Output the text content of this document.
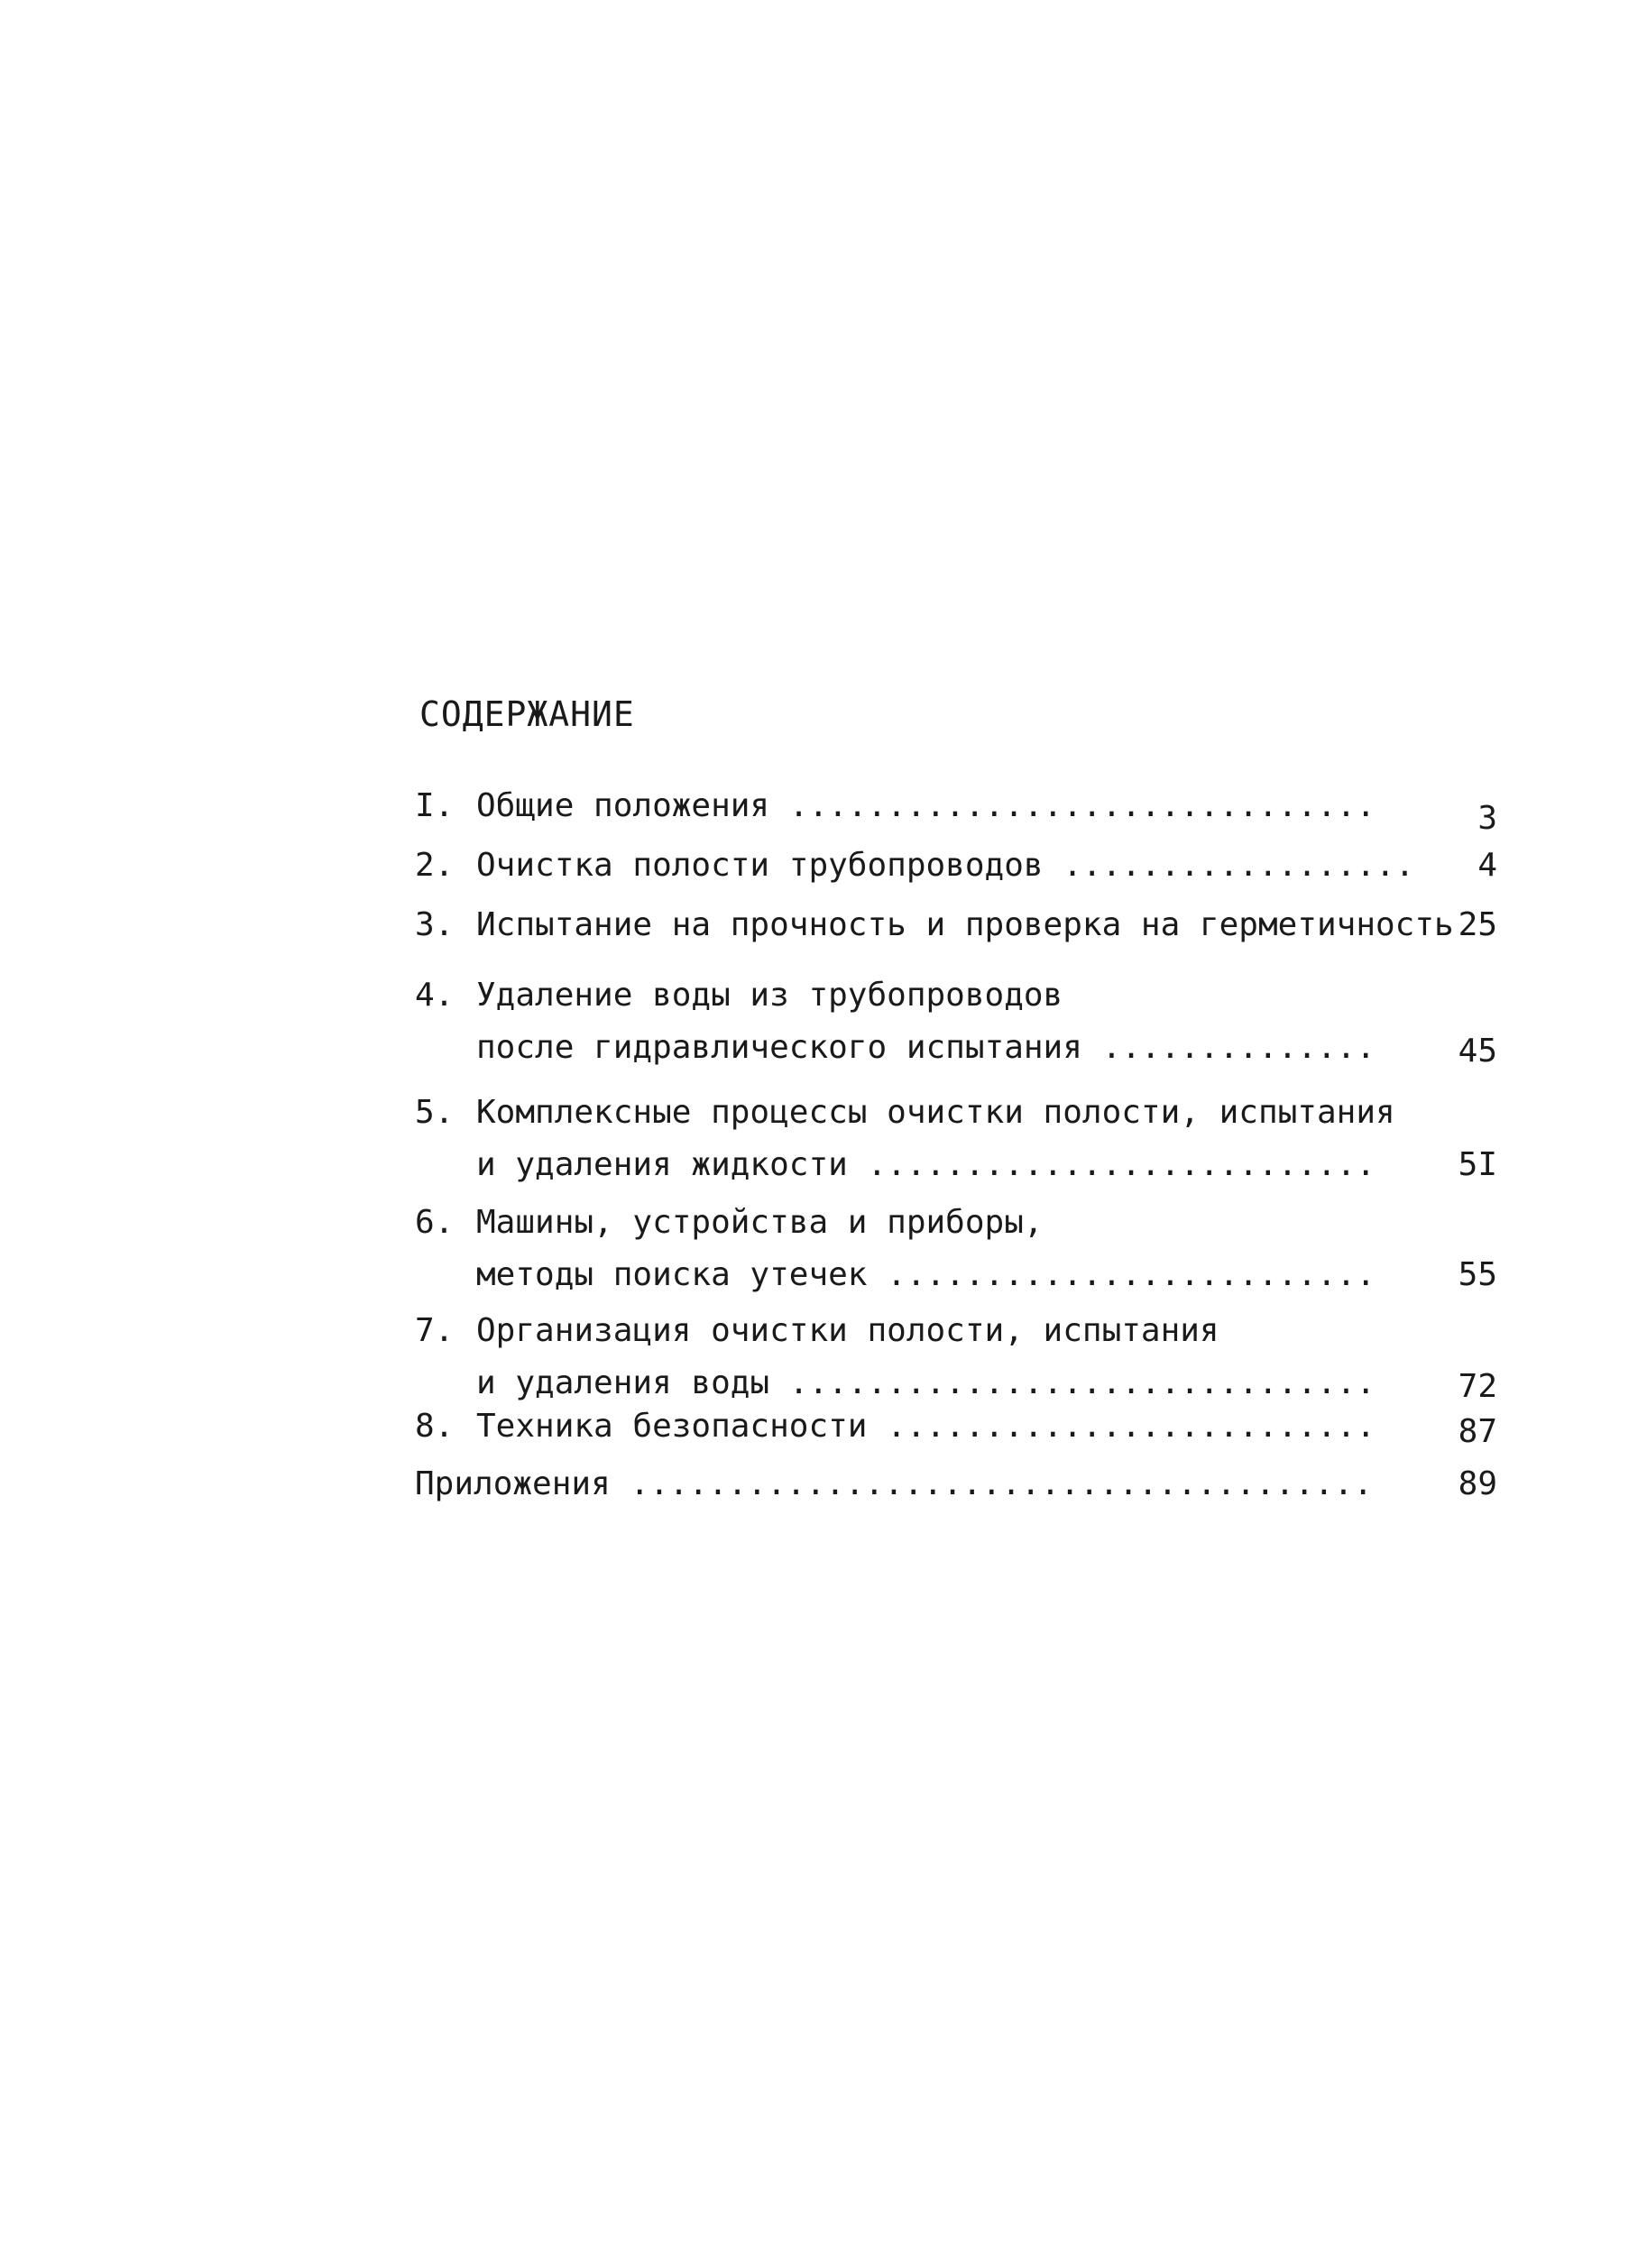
СОДЕРЖАНИЕ
I. Общие положения ..............................	3
2. Очистка полости трубопроводов ..................	4
3. Испытание на прочность и проверка на герметичность 25
4. Удаление воды из трубопроводов
после гидравлического испытания ..............	45
5. Комплексные процессы очистки полости, испытания
и удаления жидкости ..........................	5I
6. Машины, устройства и приборы,
методы поиска утечек .........................	55
7. Организация очистки полости, испытания
и удаления воды ..............................	72
8. Техника безопасности .........................	87
Приложения ......................................	89
